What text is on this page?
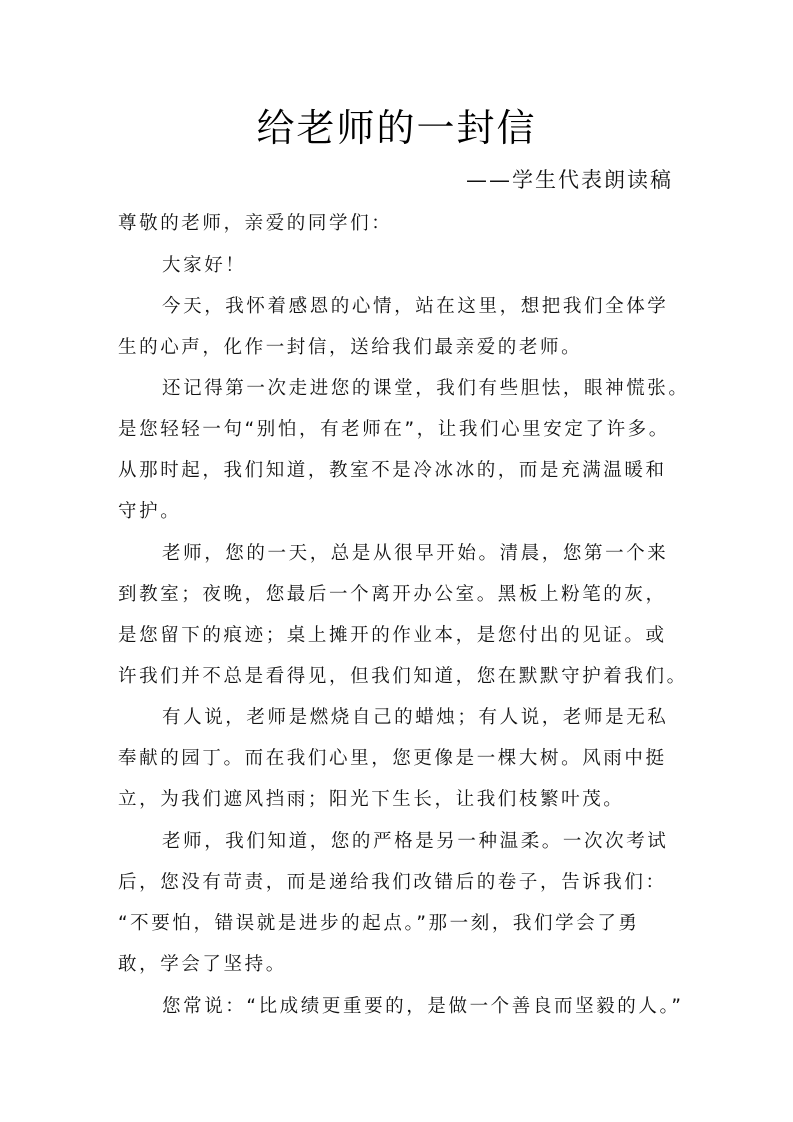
给老师的一封信
——学生代表朗读稿
尊敬的老师，亲爱的同学们：
大家好！
今天，我怀着感恩的心情，站在这里，想把我们全体学
生的心声，化作一封信，送给我们最亲爱的老师。
还记得第一次走进您的课堂，我们有些胆怯，眼神慌张。
是您轻轻一句“别怕，有老师在”，让我们心里安定了许多。
从那时起，我们知道，教室不是冷冰冰的，而是充满温暖和
守护。
老师，您的一天，总是从很早开始。清晨，您第一个来
到教室；夜晚，您最后一个离开办公室。黑板上粉笔的灰，
是您留下的痕迹；桌上摊开的作业本，是您付出的见证。或
许我们并不总是看得见，但我们知道，您在默默守护着我们。
有人说，老师是燃烧自己的蜡烛；有人说，老师是无私
奉献的园丁。而在我们心里，您更像是一棵大树。风雨中挺
立，为我们遮风挡雨；阳光下生长，让我们枝繁叶茂。
老师，我们知道，您的严格是另一种温柔。一次次考试
后，您没有苛责，而是递给我们改错后的卷子，告诉我们：
“不要怕，错误就是进步的起点。”那一刻，我们学会了勇
敢，学会了坚持。
您常说：“比成绩更重要的，是做一个善良而坚毅的人。”
